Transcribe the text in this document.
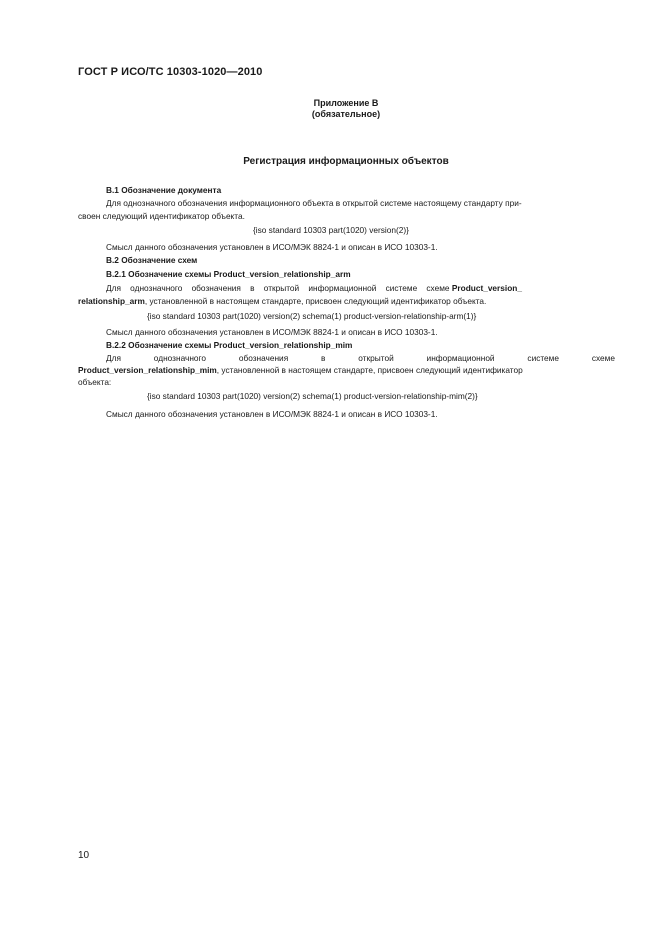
ГОСТ Р ИСО/ТС 10303-1020—2010
Приложение В
(обязательное)
Регистрация информационных объектов
В.1 Обозначение документа
Для однозначного обозначения информационного объекта в открытой системе настоящему стандарту при-
своен следующий идентификатор объекта.
{iso standard 10303 part(1020) version(2)}
Смысл данного обозначения установлен в ИСО/МЭК 8824-1 и описан в ИСО 10303-1.
В.2 Обозначение схем
В.2.1 Обозначение схемы Product_version_relationship_arm
Для    однозначного    обозначения    в    открытой    информационной    системе    схеме Product_version_
relationship_arm, установленной в настоящем стандарте, присвоен следующий идентификатор объекта.
{iso standard 10303 part(1020) version(2) schema(1) product-version-relationship-arm(1)}
Смысл данного обозначения установлен в ИСО/МЭК 8824-1 и описан в ИСО 10303-1.
В.2.2 Обозначение схемы Product_version_relationship_mim
Для однозначного обозначения в открытой информационной системе схеме
Product_version_relationship_mim, установленной в настоящем стандарте, присвоен следующий идентификатор
объекта:
{iso standard 10303 part(1020) version(2) schema(1) product-version-relationship-mim(2)}
Смысл данного обозначения установлен в ИСО/МЭК 8824-1 и описан в ИСО 10303-1.
10
